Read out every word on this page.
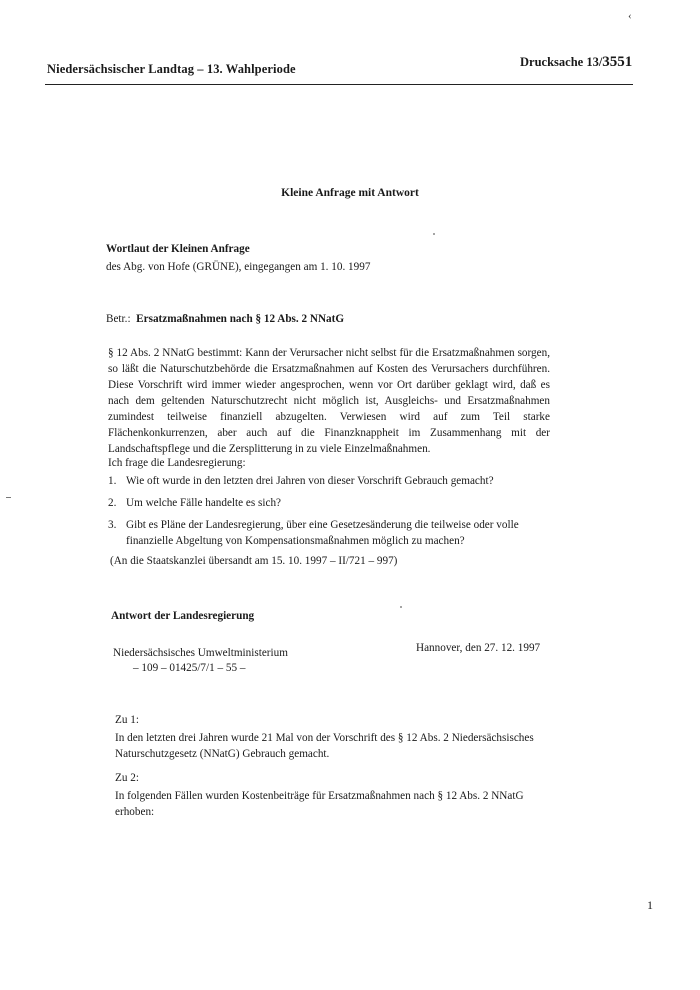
‹
Niedersächsischer Landtag – 13. Wahlperiode	Drucksache 13/3551
Kleine Anfrage mit Antwort
Wortlaut der Kleinen Anfrage
des Abg. von Hofe (GRÜNE), eingegangen am 1. 10. 1997
Betr.: Ersatzmaßnahmen nach § 12 Abs. 2 NNatG
§ 12 Abs. 2 NNatG bestimmt: Kann der Verursacher nicht selbst für die Ersatzmaßnahmen sorgen, so läßt die Naturschutzbehörde die Ersatzmaßnahmen auf Kosten des Verursachers durchführen. Diese Vorschrift wird immer wieder angesprochen, wenn vor Ort darüber geklagt wird, daß es nach dem geltenden Naturschutzrecht nicht möglich ist, Ausgleichs- und Ersatzmaßnahmen zumindest teilweise finanziell abzugelten. Verwiesen wird auf zum Teil starke Flächenkonkurrenzen, aber auch auf die Finanzknappheit im Zusammenhang mit der Landschaftspflege und die Zersplitterung in zu viele Einzelmaßnahmen.
Ich frage die Landesregierung:
1. Wie oft wurde in den letzten drei Jahren von dieser Vorschrift Gebrauch gemacht?
2. Um welche Fälle handelte es sich?
3. Gibt es Pläne der Landesregierung, über eine Gesetzesänderung die teilweise oder volle finanzielle Abgeltung von Kompensationsmaßnahmen möglich zu machen?
(An die Staatskanzlei übersandt am 15. 10. 1997 – II/721 – 997)
Antwort der Landesregierung
Niedersächsisches Umweltministerium
– 109 – 01425/7/1 – 55 –
Hannover, den 27. 12. 1997
Zu 1:
In den letzten drei Jahren wurde 21 Mal von der Vorschrift des § 12 Abs. 2 Niedersächsisches Naturschutzgesetz (NNatG) Gebrauch gemacht.
Zu 2:
In folgenden Fällen wurden Kostenbeiträge für Ersatzmaßnahmen nach § 12 Abs. 2 NNatG erhoben:
1
